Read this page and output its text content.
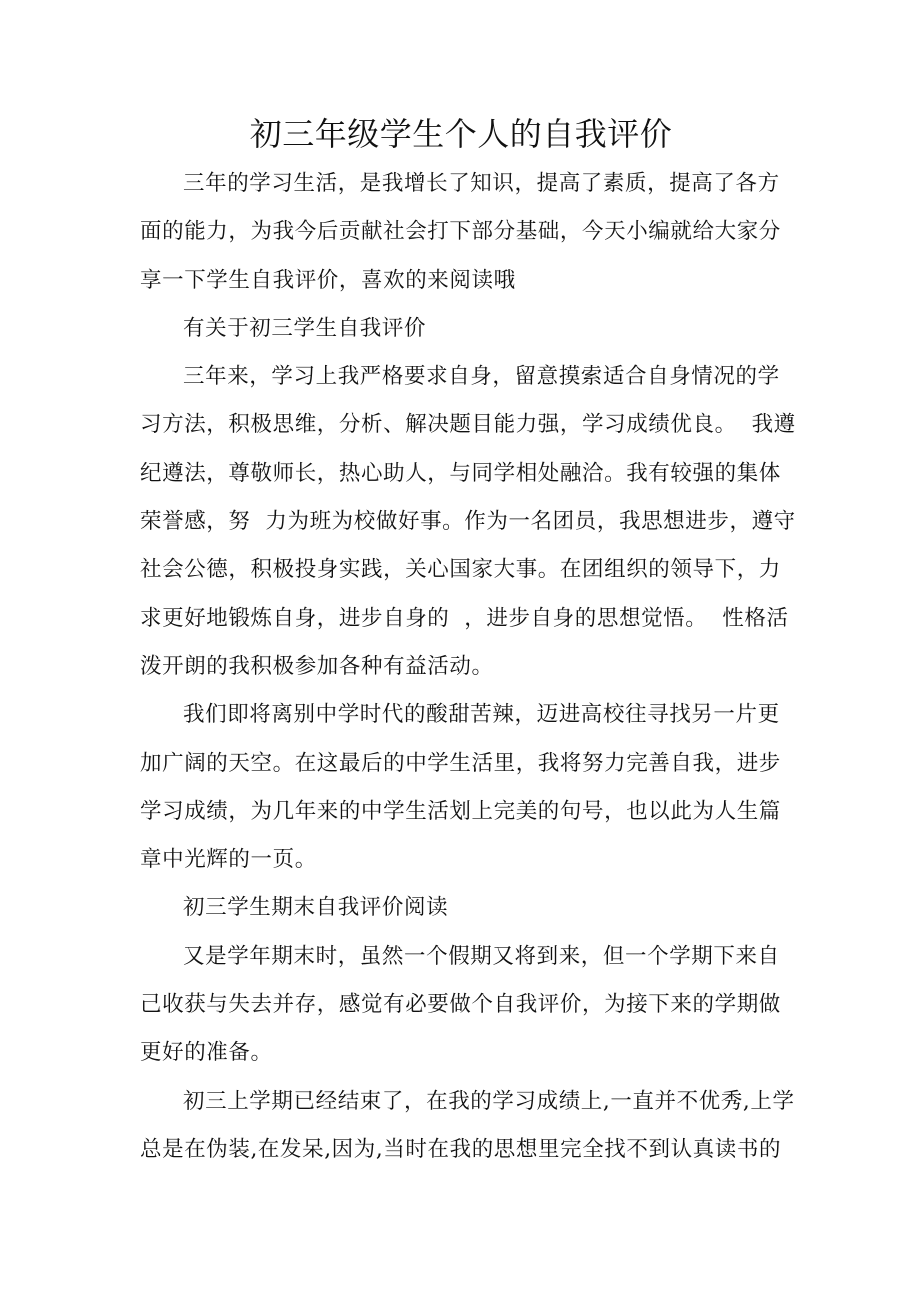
初三年级学生个人的自我评价
三年的学习生活，是我增长了知识，提高了素质，提高了各方
面的能力，为我今后贡献社会打下部分基础，今天小编就给大家分
享一下学生自我评价，喜欢的来阅读哦
有关于初三学生自我评价
三年来，学习上我严格要求自身，留意摸索适合自身情况的学
习方法，积极思维，分析、解决题目能力强，学习成绩优良。  我遵
纪遵法，尊敬师长，热心助人，与同学相处融洽。我有较强的集体
荣誉感，努  力为班为校做好事。作为一名团员，我思想进步，遵守
社会公德，积极投身实践，关心国家大事。在团组织的领导下，力
求更好地锻炼自身，进步自身的  ，进步自身的思想觉悟。  性格活
泼开朗的我积极参加各种有益活动。
我们即将离别中学时代的酸甜苦辣，迈进高校往寻找另一片更
加广阔的天空。在这最后的中学生活里，我将努力完善自我，进步
学习成绩，为几年来的中学生活划上完美的句号，也以此为人生篇
章中光辉的一页。
初三学生期末自我评价阅读
又是学年期末时，虽然一个假期又将到来，但一个学期下来自
己收获与失去并存，感觉有必要做个自我评价，为接下来的学期做
更好的准备。
初三上学期已经结束了，在我的学习成绩上,一直并不优秀,上学
总是在伪装,在发呆,因为,当时在我的思想里完全找不到认真读书的
